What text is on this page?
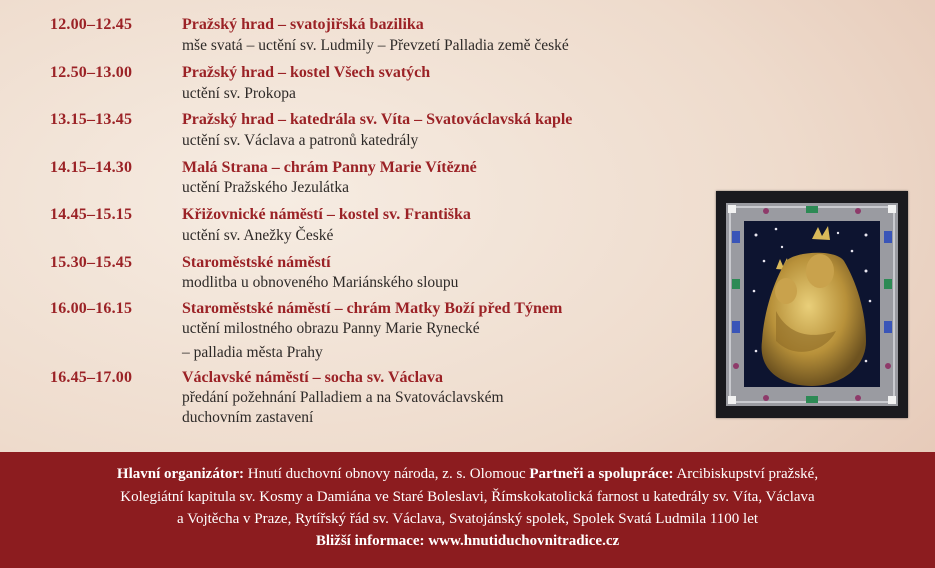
12.00–12.45	Pražský hrad – svatojiřská bazilika
mše svatá – uctění sv. Ludmily – Převzetí Palladia země české
12.50–13.00	Pražský hrad – kostel Všech svatých
uctění sv. Prokopa
13.15–13.45	Pražský hrad – katedrála sv. Víta – Svatováclavská kaple
uctění sv. Václava a patronů katedrály
14.15–14.30	Malá Strana – chrám Panny Marie Vítězné
uctění Pražského Jezulátka
14.45–15.15	Křižovnické náměstí – kostel sv. Františka
uctění sv. Anežky České
15.30–15.45	Staroměstské náměstí
modlitba u obnoveného Mariánského sloupu
16.00–16.15	Staroměstské náměstí – chrám Matky Boží před Týnem
uctění milostného obrazu Panny Marie Rynecké
– palladia města Prahy
16.45–17.00	Václavské náměstí – socha sv. Václava
předání požehnání Palladiem a na Svatováclavském
duchovním zastavení
Hlavní organizátor: Hnutí duchovní obnovy národa, z. s. Olomouc Partneři a spolupráce: Arcibiskupství pražské,
Kolegiátní kapitula sv. Kosmy a Damiána ve Staré Boleslavi, Římskokatolická farnost u katedrály sv. Víta, Václava
a Vojtěcha v Praze, Rytířský řád sv. Václava, Svatojánský spolek, Spolek Svatá Ludmila 1100 let
Bližší informace: www.hnutiduchovnitradice.cz
